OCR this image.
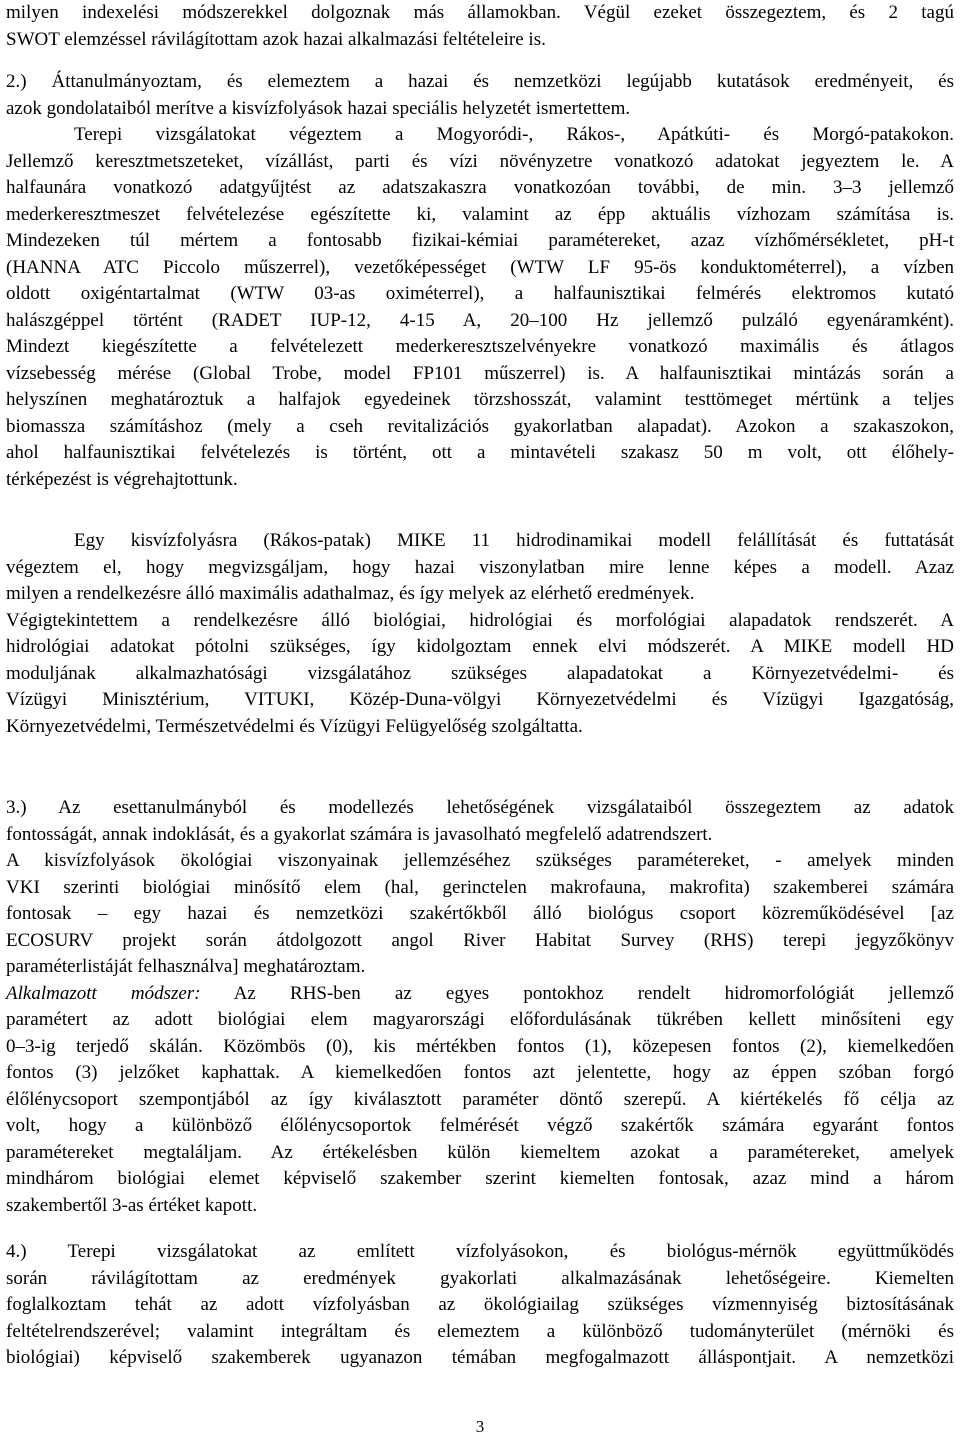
milyen indexelési módszerekkel dolgoznak más államokban. Végül ezeket összegeztem, és 2 tagú
SWOT elemzéssel rávilágítottam azok hazai alkalmazási feltételeire is.
2.) Áttanulmányoztam, és elemeztem a hazai és nemzetközi legújabb kutatások eredményeit, és
azok gondolataiból merítve a kisvízfolyások hazai speciális helyzetét ismertettem.
Terepi vizsgálatokat végeztem a Mogyoródi-, Rákos-, Apátkúti- és Morgó-patakokon.
Jellemző keresztmetszeteket, vízállást, parti és vízi növényzetre vonatkozó adatokat jegyeztem le. A
halfaunára vonatkozó adatgyűjtést az adatszakaszra vonatkozóan további, de min. 3–3 jellemző
mederkeresztmeszet felvételezése egészítette ki, valamint az épp aktuális vízhozam számítása is.
Mindezeken túl mértem a fontosabb fizikai-kémiai paramétereket, azaz vízhőmérsékletet, pH-t
(HANNA ATC Piccolo műszerrel), vezetőképességet (WTW LF 95-ös konduktométerrel), a vízben
oldott oxigéntartalmat (WTW 03-as oximéterrel), a halfaunisztikai felmérés elektromos kutató
halászgéppel történt (RADET IUP-12, 4-15 A, 20–100 Hz jellemző pulzáló egyenáramként).
Mindezt kiegészítette a felvételezett mederkeresztszelvényekre vonatkozó maximális és átlagos
vízsebesség mérése (Global Trobe, model FP101 műszerrel) is. A halfaunisztikai mintázás során a
helyszínen meghatároztuk a halfajok egyedeinek törzshosszát, valamint testtömeget mértünk a teljes
biomassza számításhoz (mely a cseh revitalizációs gyakorlatban alapadat). Azokon a szakaszokon,
ahol halfaunisztikai felvételezés is történt, ott a mintavételi szakasz 50 m volt, ott élőhely-
térképezést is végrehajtottunk.
Egy kisvízfolyásra (Rákos-patak) MIKE 11 hidrodinamikai modell felállítását és futtatását
végeztem el, hogy megvizsgáljam, hogy hazai viszonylatban mire lenne képes a modell. Azaz
milyen a rendelkezésre álló maximális adathalmaz, és így melyek az elérhető eredmények.
Végigtekintettem a rendelkezésre álló biológiai, hidrológiai és morfológiai alapadatok rendszerét. A
hidrológiai adatokat pótolni szükséges, így kidolgoztam ennek elvi módszerét. A MIKE modell HD
moduljának alkalmazhatósági vizsgálatához szükséges alapadatokat a Környezetvédelmi- és
Vízügyi Minisztérium, VITUKI, Közép-Duna-völgyi Környezetvédelmi és Vízügyi Igazgatóság,
Környezetvédelmi, Természetvédelmi és Vízügyi Felügyelőség szolgáltatta.
3.) Az esettanulmányból és modellezés lehetőségének vizsgálataiból összegeztem az adatok
fontosságát, annak indoklását, és a gyakorlat számára is javasolható megfelelő adatrendszert.
A kisvízfolyások ökológiai viszonyainak jellemzéséhez szükséges paramétereket, - amelyek minden
VKI szerinti biológiai minősítő elem (hal, gerinctelen makrofauna, makrofita) szakemberei számára
fontosak – egy hazai és nemzetközi szakértőkből álló biológus csoport közreműködésével [az
ECOSURV projekt során átdolgozott angol River Habitat Survey (RHS) terepi jegyzőkönyv
paraméterlistáját felhasználva] meghatároztam.
Alkalmazott módszer: Az RHS-ben az egyes pontokhoz rendelt hidromorfológiát jellemző
paramétert az adott biológiai elem magyarországi előfordulásának tükrében kellett minősíteni egy
0–3-ig terjedő skálán. Közömbös (0), kis mértékben fontos (1), közepesen fontos (2), kiemelkedően
fontos (3) jelzőket kaphattak. A kiemelkedően fontos azt jelentette, hogy az éppen szóban forgó
élőlénycsoport szempontjából az így kiválasztott paraméter döntő szerepű. A kiértékelés fő célja az
volt, hogy a különböző élőlénycsoportok felmérését végző szakértők számára egyaránt fontos
paramétereket megtaláljam. Az értékelésben külön kiemeltem azokat a paramétereket, amelyek
mindhárom biológiai elemet képviselő szakember szerint kiemelten fontosak, azaz mind a három
szakembertől 3-as értéket kapott.
4.) Terepi vizsgálatokat az említett vízfolyásokon, és biológus-mérnök együttműködés
során rávilágítottam az eredmények gyakorlati alkalmazásának lehetőségeire. Kiemelten
foglalkoztam tehát az adott vízfolyásban az ökológiailag szükséges vízmennyiség biztosításának
feltételrendszerével; valamint integráltam és elemeztem a különböző tudományterület (mérnöki és
biológiai) képviselő szakemberek ugyanazon témában megfogalmazott álláspontjait. A nemzetközi
3
